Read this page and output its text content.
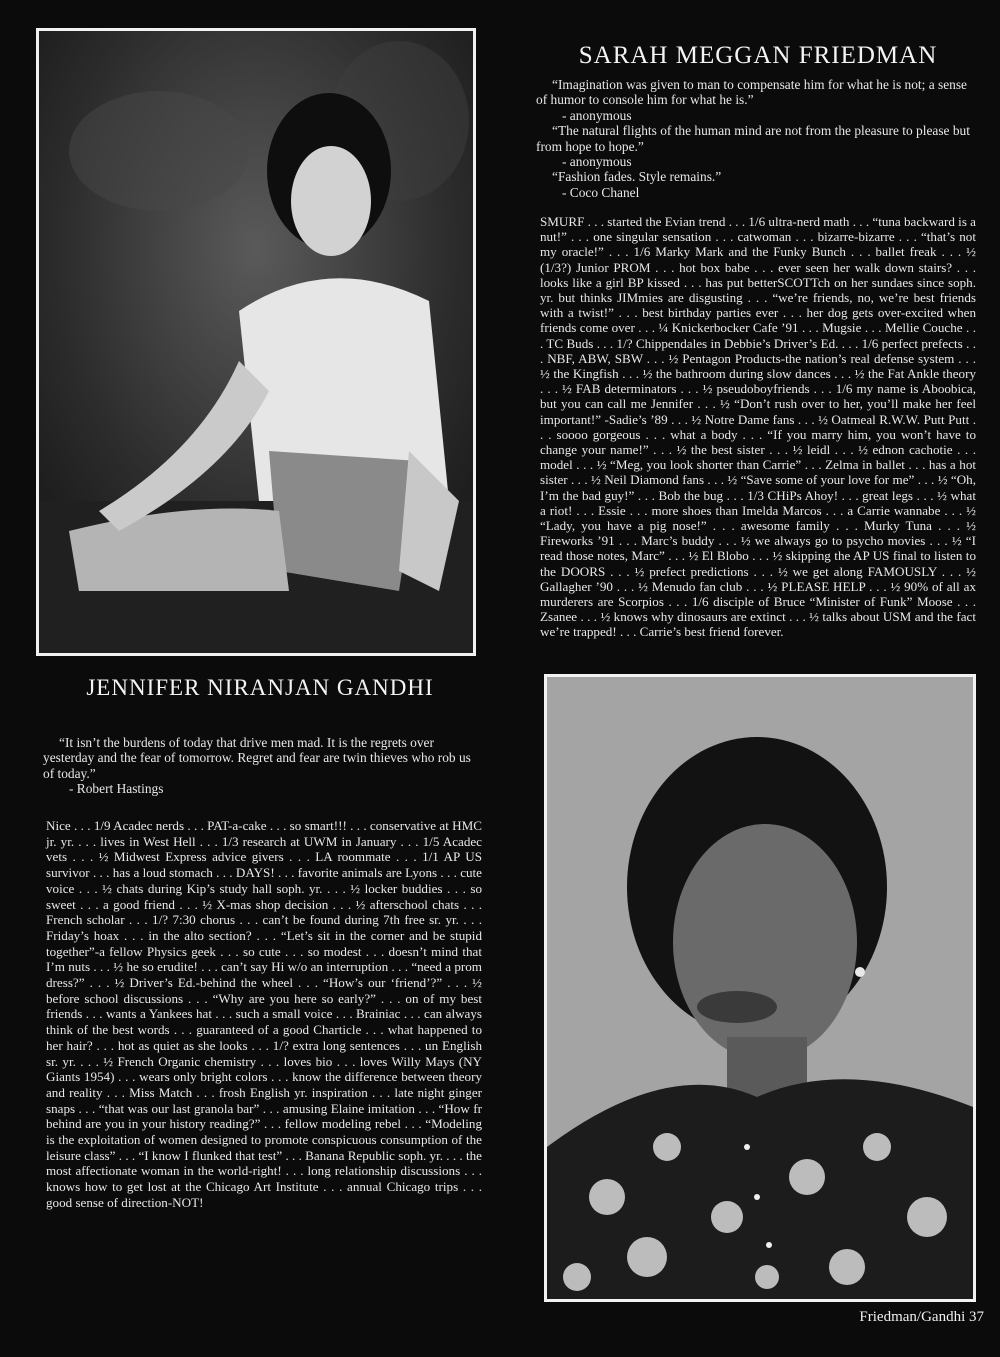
SARAH MEGGAN FRIEDMAN

“Imagination was given to man to compensate him for what he is not; a sense of humor to console him for what he is.”

- anonymous

“The natural flights of the human mind are not from the pleasure to please but from hope to hope.”

- anonymous

“Fashion fades. Style remains.”

- Coco Chanel

SMURF . . . started the Evian trend . . . 1/6 ultra-nerd math . . . “tuna backward is a nut!” . . . one singular sensation . . . catwoman . . . bizarre-bizarre . . . “that’s not my oracle!” . . . 1/6 Marky Mark and the Funky Bunch . . . ballet freak . . . ½ (1/3?) Junior PROM . . . hot box babe . . . ever seen her walk down stairs? . . . looks like a girl BP kissed . . . has put betterSCOTTch on her sundaes since soph. yr. but thinks JIMmies are disgusting . . . “we’re friends, no, we’re best friends with a twist!” . . . best birthday parties ever . . . her dog gets over-excited when friends come over . . . ¼ Knickerbocker Cafe ’91 . . . Mugsie . . . Mellie Couche . . . TC Buds . . . 1/? Chippendales in Debbie’s Driver’s Ed. . . . 1/6 perfect prefects . . . NBF, ABW, SBW . . . ½ Pentagon Products-the nation’s real defense system . . . ½ the Kingfish . . . ½ the bathroom during slow dances . . . ½ the Fat Ankle theory . . . ½ FAB determinators . . . ½ pseudoboyfriends . . . 1/6 my name is Aboobica, but you can call me Jennifer . . . ½ “Don’t rush over to her, you’ll make her feel important!” -Sadie’s ’89 . . . ½ Notre Dame fans . . . ½ Oatmeal R.W.W. Putt Putt . . . soooo gorgeous . . . what a body . . . “If you marry him, you won’t have to change your name!” . . . ½ the best sister . . . ½ leidl . . . ½ ednon cachotie . . . model . . . ½ “Meg, you look shorter than Carrie” . . . Zelma in ballet . . . has a hot sister . . . ½ Neil Diamond fans . . . ½ “Save some of your love for me” . . . ½ “Oh, I’m the bad guy!” . . . Bob the bug . . . 1/3 CHiPs Ahoy! . . . great legs . . . ½ what a riot! . . . Essie . . . more shoes than Imelda Marcos . . . a Carrie wannabe . . . ½ “Lady, you have a pig nose!” . . . awesome family . . . Murky Tuna . . . ½ Fireworks ’91 . . . Marc’s buddy . . . ½ we always go to psycho movies . . . ½ “I read those notes, Marc” . . . ½ El Blobo . . . ½ skipping the AP US final to listen to the DOORS . . . ½ prefect predictions . . . ½ we get along FAMOUSLY . . . ½ Gallagher ’90 . . . ½ Menudo fan club . . . ½ PLEASE HELP . . . ½ 90% of all ax murderers are Scorpios . . . 1/6 disciple of Bruce “Minister of Funk” Moose . . . Zsanee . . . ½ knows why dinosaurs are extinct . . . ½ talks about USM and the fact we’re trapped! . . . Carrie’s best friend forever.

JENNIFER NIRANJAN GANDHI

“It isn’t the burdens of today that drive men mad. It is the regrets over yesterday and the fear of tomorrow. Regret and fear are twin thieves who rob us of today.”

- Robert Hastings

Nice . . . 1/9 Acadec nerds . . . PAT-a-cake . . . so smart!!! . . . conservative at HMC jr. yr. . . . lives in West Hell . . . 1/3 research at UWM in January . . . 1/5 Acadec vets . . . ½ Midwest Express advice givers . . . LA roommate . . . 1/1 AP US survivor . . . has a loud stomach . . . DAYS! . . . favorite animals are Lyons . . . cute voice . . . ½ chats during Kip’s study hall soph. yr. . . . ½ locker buddies . . . so sweet . . . a good friend . . . ½ X-mas shop decision . . . ½ afterschool chats . . . French scholar . . . 1/? 7:30 chorus . . . can’t be found during 7th free sr. yr. . . . Friday’s hoax . . . in the alto section? . . . “Let’s sit in the corner and be stupid together”-a fellow Physics geek . . . so cute . . . so modest . . . doesn’t mind that I’m nuts . . . ½ he so erudite! . . . can’t say Hi w/o an interruption . . . “need a prom dress?” . . . ½ Driver’s Ed.-behind the wheel . . . “How’s our ‘friend’?” . . . ½ before school discussions . . . “Why are you here so early?” . . . on of my best friends . . . wants a Yankees hat . . . such a small voice . . . Brainiac . . . can always think of the best words . . . guaranteed of a good Charticle . . . what happened to her hair? . . . hot as quiet as she looks . . . 1/? extra long sentences . . . un English sr. yr. . . . ½ French Organic chemistry . . . loves bio . . . loves Willy Mays (NY Giants 1954) . . . wears only bright colors . . . know the difference between theory and reality . . . Miss Match . . . frosh English yr. inspiration . . . late night ginger snaps . . . “that was our last granola bar” . . . amusing Elaine imitation . . . “How fr behind are you in your history reading?” . . . fellow modeling rebel . . . “Modeling is the exploitation of women designed to promote conspicuous consumption of the leisure class” . . . “I know I flunked that test” . . . Banana Republic soph. yr. . . . the most affectionate woman in the world-right! . . . long relationship discussions . . . knows how to get lost at the Chicago Art Institute . . . annual Chicago trips . . . good sense of direction-NOT!

Friedman/Gandhi 37
